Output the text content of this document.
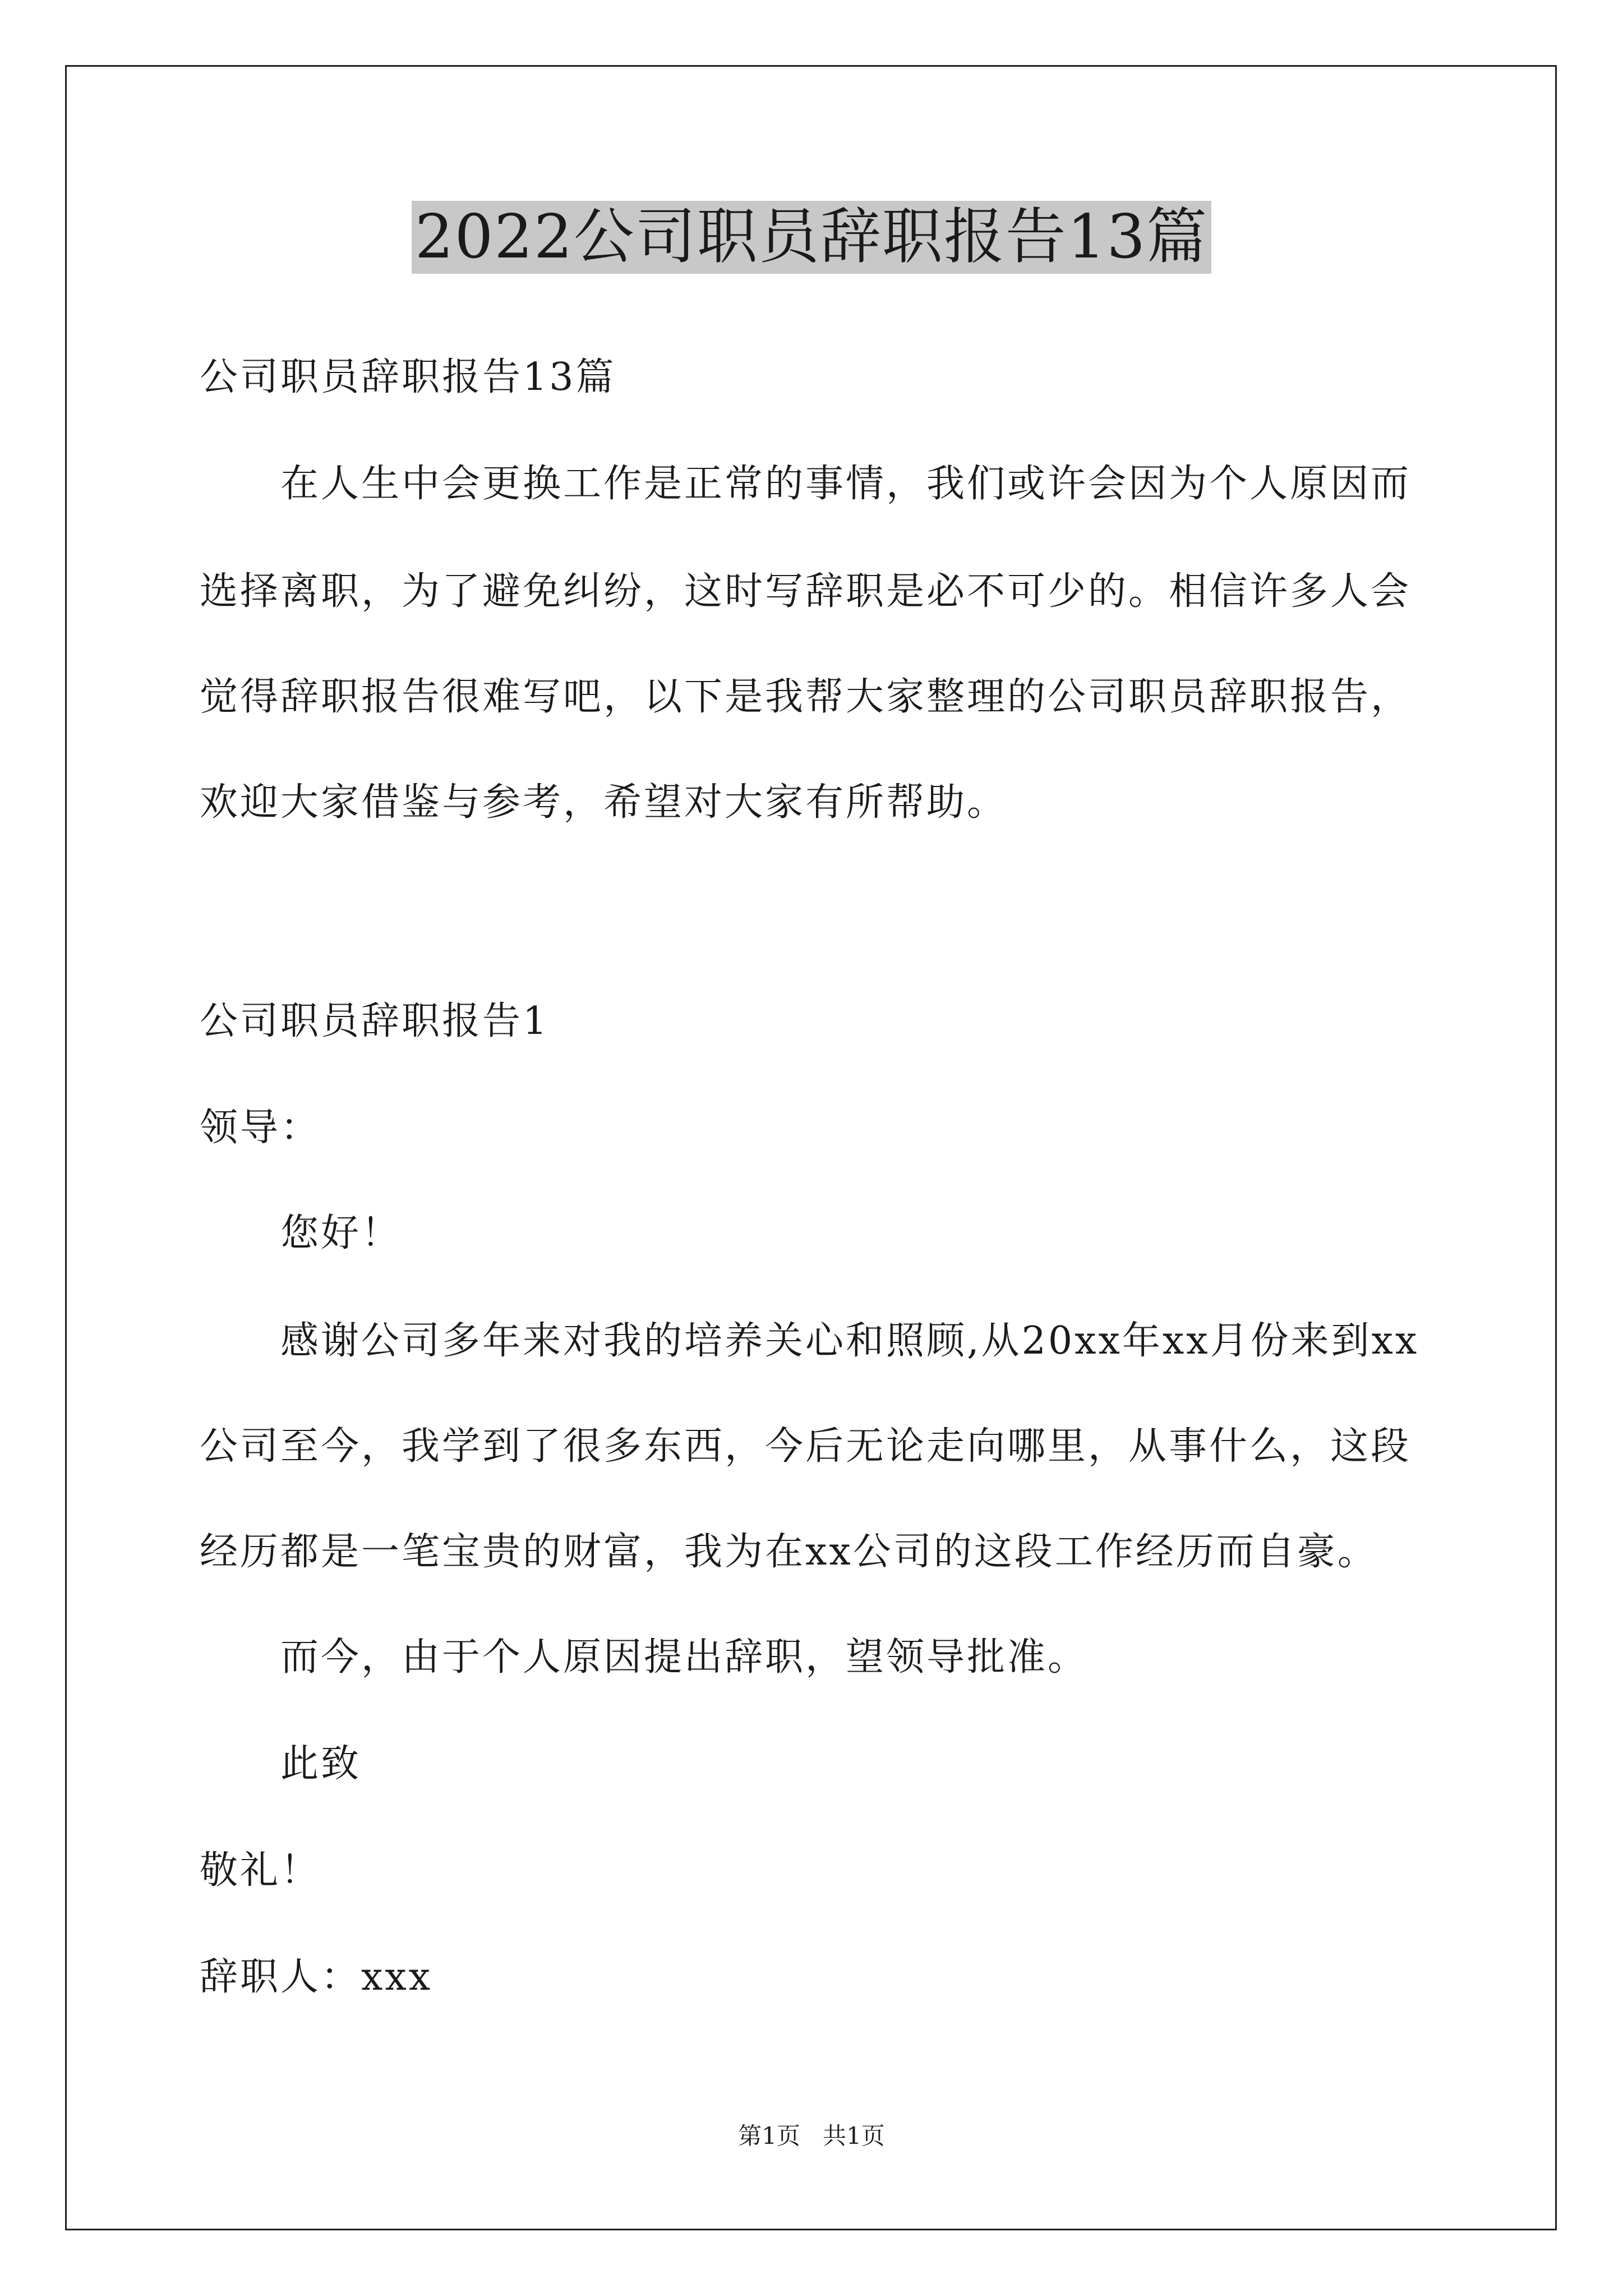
2022公司职员辞职报告13篇
公司职员辞职报告13篇
在人生中会更换工作是正常的事情，我们或许会因为个人原因而
选择离职，为了避免纠纷，这时写辞职是必不可少的。相信许多人会
觉得辞职报告很难写吧，以下是我帮大家整理的公司职员辞职报告，
欢迎大家借鉴与参考，希望对大家有所帮助。
公司职员辞职报告1
领导：
您好！
感谢公司多年来对我的培养关心和照顾,从20xx年xx月份来到xx
公司至今，我学到了很多东西，今后无论走向哪里，从事什么，这段
经历都是一笔宝贵的财富，我为在xx公司的这段工作经历而自豪。
而今，由于个人原因提出辞职，望领导批准。
此致
敬礼！
辞职人：xxx
第1页   共1页
